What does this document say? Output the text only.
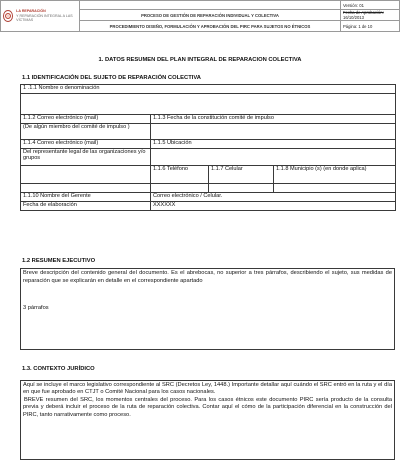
LA REPARACIÓN
Y REPARACIÓN INTEGRAL A LAS VÍCTIMAS		Versión: 01
	PROCESO DE GESTIÓN DE REPARACIÓN INDIVIDUAL Y COLECTIVA	Fecha de Aprobación:
16/10/2013
	PROCEDIMIENTO DISEÑO, FORMULACIÓN Y APROBACIÓN DEL PIRC PARA SUJETOS NO ÉTNICOS	Página: 1 de 10
1. DATOS RESUMEN DEL PLAN INTEGRAL DE REPARACION COLECTIVA
1.1 IDENTIFICACIÓN DEL SUJETO DE REPARACIÓN COLECTIVA
1 .1.1 Nombre o denominación			

1.1.2 Correo electrónico (mail)	1.1.3 Fecha de la constitución comité de impulso		
(De algún miembro del comité de impulso )			
1.1.4 Correo electrónico (mail)	1.1.5 Ubicación		
Del representante legal de las organizaciones y/o grupos			
	1.1.6 Teléfono	1.1.7 Celular	1.1.8 Municipio (s) (en donde aplica)

1.1.10 Nombre del Gerente	Correo electrónico / Celular.		
Fecha de elaboración	XXXXXX		
1.2 RESUMEN EJECUTIVO

Breve descripción del contenido general del documento. Es el abrebocas, no superior a tres párrafos, describiendo el sujeto, sus medidas de reparación que se explicarán en detalle en el correspondiente apartado

3 párrafos

1.3. CONTEXTO JURÍDICO

Aquí se incluye el marco legislativo correspondiente al SRC (Decretos Ley, 1448.) Importante detallar aquí cuándo el SRC entró en la ruta y el día en que fue aprobado en CTJT o Comité Nacional para los casos nacionales.

BREVE resumen del SRC, los momentos centrales del proceso. Para los casos étnicos este documento PIRC sería producto de la consulta previa y deberá incluir el proceso de la ruta de reparación colectiva. Contar aquí el cómo de la participación diferencial en la construcción del PIRC, tanto narrativamente como proceso.
